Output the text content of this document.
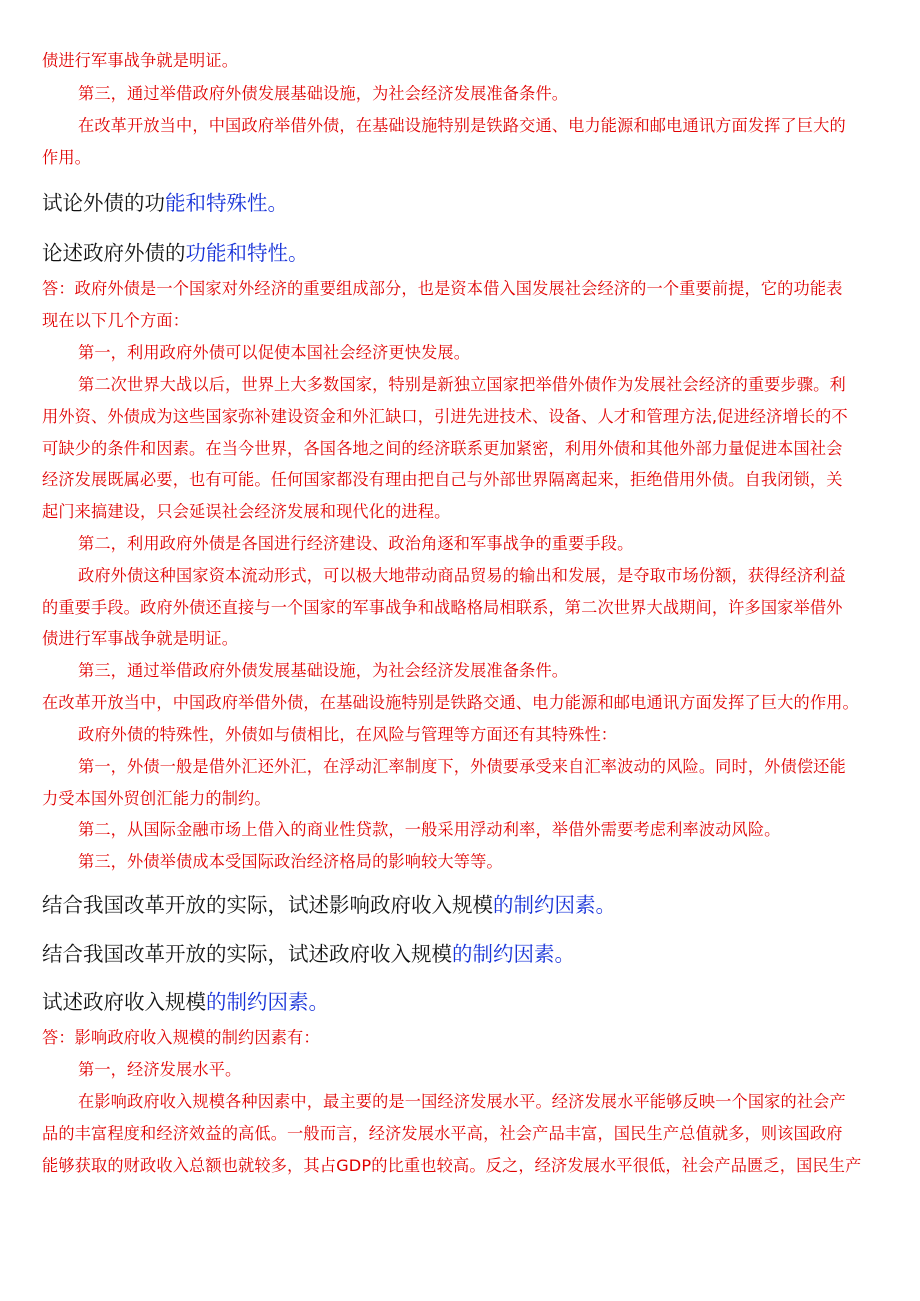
债进行军事战争就是明证。
第三，通过举借政府外债发展基础设施，为社会经济发展准备条件。
在改革开放当中，中国政府举借外债，在基础设施特别是铁路交通、电力能源和邮电通讯方面发挥了巨大的
作用。
试论外债的功能和特殊性。
论述政府外债的功能和特性。
答：政府外债是一个国家对外经济的重要组成部分，也是资本借入国发展社会经济的一个重要前提，它的功能表
现在以下几个方面：
第一，利用政府外债可以促使本国社会经济更快发展。
第二次世界大战以后，世界上大多数国家，特别是新独立国家把举借外债作为发展社会经济的重要步骤。利
用外资、外债成为这些国家弥补建设资金和外汇缺口，引进先进技术、设备、人才和管理方法,促进经济增长的不
可缺少的条件和因素。在当今世界，各国各地之间的经济联系更加紧密，利用外债和其他外部力量促进本国社会
经济发展既属必要，也有可能。任何国家都没有理由把自己与外部世界隔离起来，拒绝借用外债。自我闭锁，关
起门来搞建设，只会延误社会经济发展和现代化的进程。
第二，利用政府外债是各国进行经济建设、政治角逐和军事战争的重要手段。
政府外债这种国家资本流动形式，可以极大地带动商品贸易的输出和发展，是夺取市场份额，获得经济利益
的重要手段。政府外债还直接与一个国家的军事战争和战略格局相联系，第二次世界大战期间，许多国家举借外
债进行军事战争就是明证。
第三，通过举借政府外债发展基础设施，为社会经济发展准备条件。
在改革开放当中，中国政府举借外债，在基础设施特别是铁路交通、电力能源和邮电通讯方面发挥了巨大的作用。
政府外债的特殊性，外债如与债相比，在风险与管理等方面还有其特殊性：
第一，外债一般是借外汇还外汇，在浮动汇率制度下，外债要承受来自汇率波动的风险。同时，外债偿还能
力受本国外贸创汇能力的制约。
第二，从国际金融市场上借入的商业性贷款，一般采用浮动利率，举借外需要考虑利率波动风险。
第三，外债举债成本受国际政治经济格局的影响较大等等。
结合我国改革开放的实际，试述影响政府收入规模的制约因素。
结合我国改革开放的实际，试述政府收入规模的制约因素。
试述政府收入规模的制约因素。
答：影响政府收入规模的制约因素有：
第一，经济发展水平。
在影响政府收入规模各种因素中，最主要的是一国经济发展水平。经济发展水平能够反映一个国家的社会产
品的丰富程度和经济效益的高低。一般而言，经济发展水平高，社会产品丰富，国民生产总值就多，则该国政府
能够获取的财政收入总额也就较多，其占GDP的比重也较高。反之，经济发展水平很低，社会产品匮乏，国民生产
